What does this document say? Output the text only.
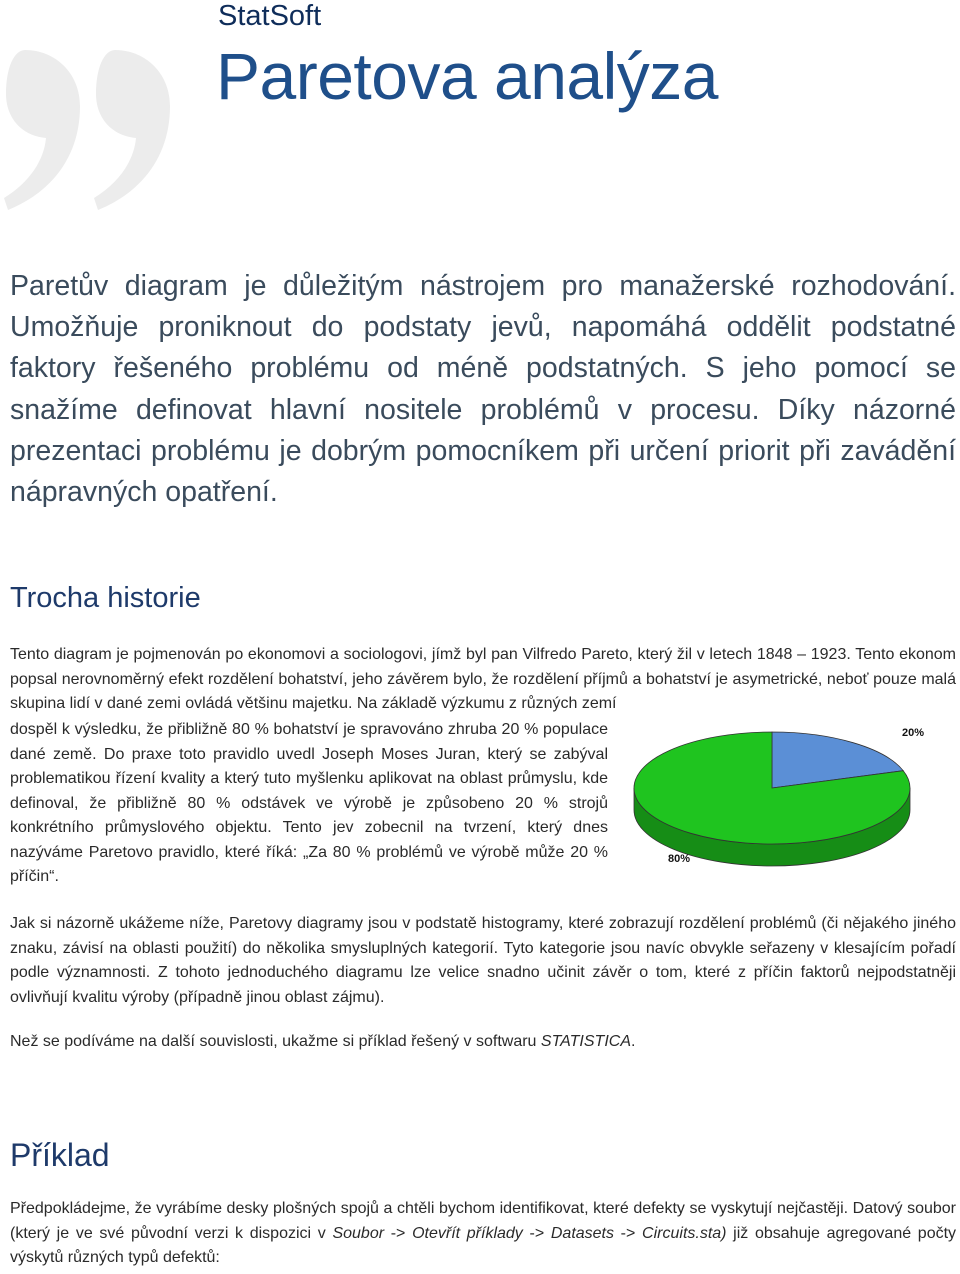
StatSoft
Paretova analýza

Paretův diagram je důležitým nástrojem pro manažerské rozhodování. Umožňuje proniknout do podstaty jevů, napomáhá oddělit podstatné faktory řešeného problému od méně podstatných. S jeho pomocí se snažíme definovat hlavní nositele problémů v procesu. Díky názorné prezentaci problému je dobrým pomocníkem při určení priorit při zavádění nápravných opatření.

Trocha historie

Tento diagram je pojmenován po ekonomovi a sociologovi, jímž byl pan Vilfredo Pareto, který žil v letech 1848 – 1923. Tento ekonom popsal nerovnoměrný efekt rozdělení bohatství, jeho závěrem bylo, že rozdělení příjmů a bohatství je asymetrické, neboť pouze malá skupina lidí v dané zemi ovládá většinu majetku. Na základě výzkumu z různých zemí

dospěl k výsledku, že přibližně 80 % bohatství je spravováno zhruba 20 % populace dané země. Do praxe toto pravidlo uvedl Joseph Moses Juran, který se zabýval problematikou řízení kvality a který tuto myšlenku aplikovat na oblast průmyslu, kde definoval, že přibližně 80 % odstávek ve výrobě je způsobeno 20 % strojů konkrétního průmyslového objektu. Tento jev zobecnil na tvrzení, který dnes nazýváme Paretovo pravidlo, které říká: „Za 80 % problémů ve výrobě může 20 % příčin“.

20%
80%

Jak si názorně ukážeme níže, Paretovy diagramy jsou v podstatě histogramy, které zobrazují rozdělení problémů (či nějakého jiného znaku, závisí na oblasti použití) do několika smysluplných kategorií. Tyto kategorie jsou navíc obvykle seřazeny v klesajícím pořadí podle významnosti. Z tohoto jednoduchého diagramu lze velice snadno učinit závěr o tom, které z příčin faktorů nejpodstatněji ovlivňují kvalitu výroby (případně jinou oblast zájmu).

Než se podíváme na další souvislosti, ukažme si příklad řešený v softwaru STATISTICA.

Příklad

Předpokládejme, že vyrábíme desky plošných spojů a chtěli bychom identifikovat, které defekty se vyskytují nejčastěji. Datový soubor (který je ve své původní verzi k dispozici v Soubor -> Otevřít příklady -> Datasets -> Circuits.sta) již obsahuje agregované počty výskytů různých typů defektů:
